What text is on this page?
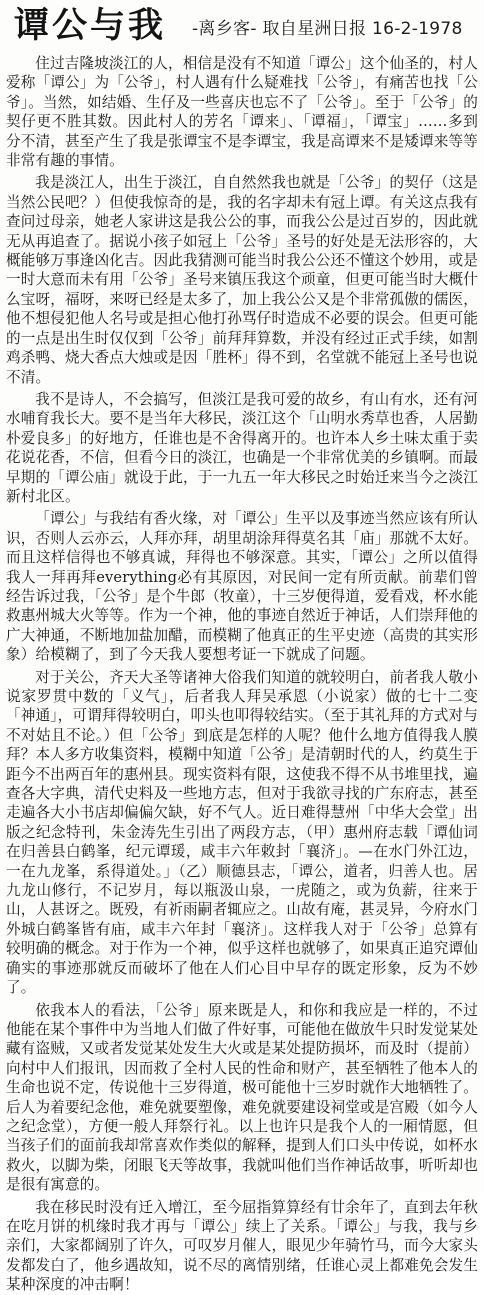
谭公与我 -离乡客- 取自星洲日报 16-2-1978

住过吉隆坡淡江的人，相信是没有不知道「谭公」这个仙圣的，村人爱称「谭公」为「公爷」，村人遇有什么疑难找「公爷」，有痛苦也找「公爷」。当然，如结婚、生仔及一些喜庆也忘不了「公爷」。至于「公爷」的契仔更不胜其数。因此村人的芳名「谭来」、「谭福」，「谭宝」……多到分不清，甚至产生了我是张谭宝不是李谭宝，我是高谭来不是矮谭来等等非常有趣的事情。

我是淡江人，出生于淡江，自自然然我也就是「公爷」的契仔（这是当然公民吧？）但使我惊奇的是，我的名字却未有冠上谭。有关这点我有查问过母亲，她老人家讲这是我公公的事，而我公公是过百岁的，因此就无从再追查了。据说小孩子如冠上「公爷」圣号的好处是无法形容的，大概能够万事逢凶化吉。因此我猜测可能当时我公公还不懂这个妙用，或是一时大意而未有用「公爷」圣号来镇压我这个顽童，但更可能当时大概什么宝呀，福呀，来呀已经是太多了，加上我公公又是个非常孤傲的儒医，他不想侵犯他人名号或是担心他打孙骂仔时造成不必要的误会。但更可能的一点是出生时仅仅到「公爷」前拜拜算数，并没有经过正式手续，如割鸡杀鸭、烧大香点大烛或是因「胜杯」得不到，名堂就不能冠上圣号也说不清。

我不是诗人，不会搞写，但淡江是我可爱的故乡，有山有水，还有河水哺育我长大。要不是当年大移民，淡江这个「山明水秀草也香，人居勤朴爱良多」的好地方，任谁也是不舍得离开的。也许本人乡土味太重于卖花说花香，不信，但看今日的淡江，也确是一个非常优美的乡镇啊。而最早期的「谭公庙」就设于此，于一九五一年大移民之时始迁来当今之淡江新村北区。

「谭公」与我结有香火缘，对「谭公」生平以及事迹当然应该有所认识，否则人云亦云，人拜亦拜，胡里胡涂拜得莫名其「庙」那就不太好。而且这样信得也不够真诚，拜得也不够深意。其实，「谭公」之所以值得我人一拜再拜everything必有其原因，对民间一定有所贡献。前辈们曾经告诉过我，「公爷」是个牛郎（牧童），十三岁便得道，爱看戏，杯水能救惠州城大火等等。作为一个神，他的事迹自然近于神话，人们崇拜他的广大神通，不断地加盐加醋，而模糊了他真正的生平史迹（高贵的其实形象）给模糊了，到了今天我人要想考证一下就成了问题。

对于关公，齐天大圣等诸神大俗我们知道的就较明白，前者我人敬小说家罗贯中数的「义气」，后者我人拜吴承恩（小说家）做的七十二变「神通」，可谓拜得较明白，叩头也叩得较结实。（至于其礼拜的方式对与不对姑且不论。）但「公爷」到底是怎样的人呢？他什么地方值得我人膜拜？本人多方收集资料，模糊中知道「公爷」是清朝时代的人，约莫生于距今不出两百年的惠州县。现实资料有限，这使我不得不从书堆里找，遍查各大字典，清代史料及一些地方志，但对于我欲寻找的广东府志，甚至走遍各大小书店却偏偏欠缺，好不气人。近日难得慧州「中华大会堂」出版之纪念特刊，朱金涛先生引出了两段方志，（甲）惠州府志载「谭仙词在归善县白鹤峯，纪元谭瑗，咸丰六年敕封「襄济」。—在水门外江边，一在九龙峯，系得道处。」（乙）顺德县志，「谭公，道者，归善人也。居九龙山修行，不记岁月，每以瓶汲山泉，一虎随之，或为负薪，往来于山，人甚讶之。既殁，有祈雨嗣者辄应之。山故有庵，甚灵异，今府水门外城白鹤峯皆有庙，咸丰六年封「襄济」。这样我人对于「公爷」总算有较明确的概念。对于作为一个神，似乎这样也就够了，如果真正追究谭仙确实的事迹那就反而破坏了他在人们心目中早存的既定形象，反为不妙了。

依我本人的看法，「公爷」原来既是人，和你和我应是一样的，不过他能在某个事件中为当地人们做了件好事，可能他在做放牛只时发觉某处藏有盗贼，又或者发觉某处发生大火或是某处提防损坏，而及时（提前）向村中人们报讯，因而救了全村人民的性命和财产，甚至牺牲了他本人的生命也说不定，传说他十三岁得道，极可能他十三岁时就作大地牺牲了。后人为着要纪念他，难免就要塑像，难免就要建设祠堂或是宫殿（如今人之纪念堂），方便一般人拜祭行礼。以上也许只是我个人的一厢情愿，但当孩子们的面前我却常喜欢作类似的解释，提到人们口头中传说，如杯水救火，以脚为柴，闭眼飞天等故事，我就叫他们当作神话故事，听听却也是很有寓意的。

我在移民时没有迁入增江，至今屈指算算经有廿余年了，直到去年秋在吃月饼的机缘时我才再与「谭公」续上了关系。「谭公」与我，我与乡亲们，大家都阔别了许久，可叹岁月催人，眼见少年骑竹马，而今大家头发都发白了，他乡遇故知，说不尽的离情别绪，任谁心灵上都难免会发生某种深度的冲击啊！
